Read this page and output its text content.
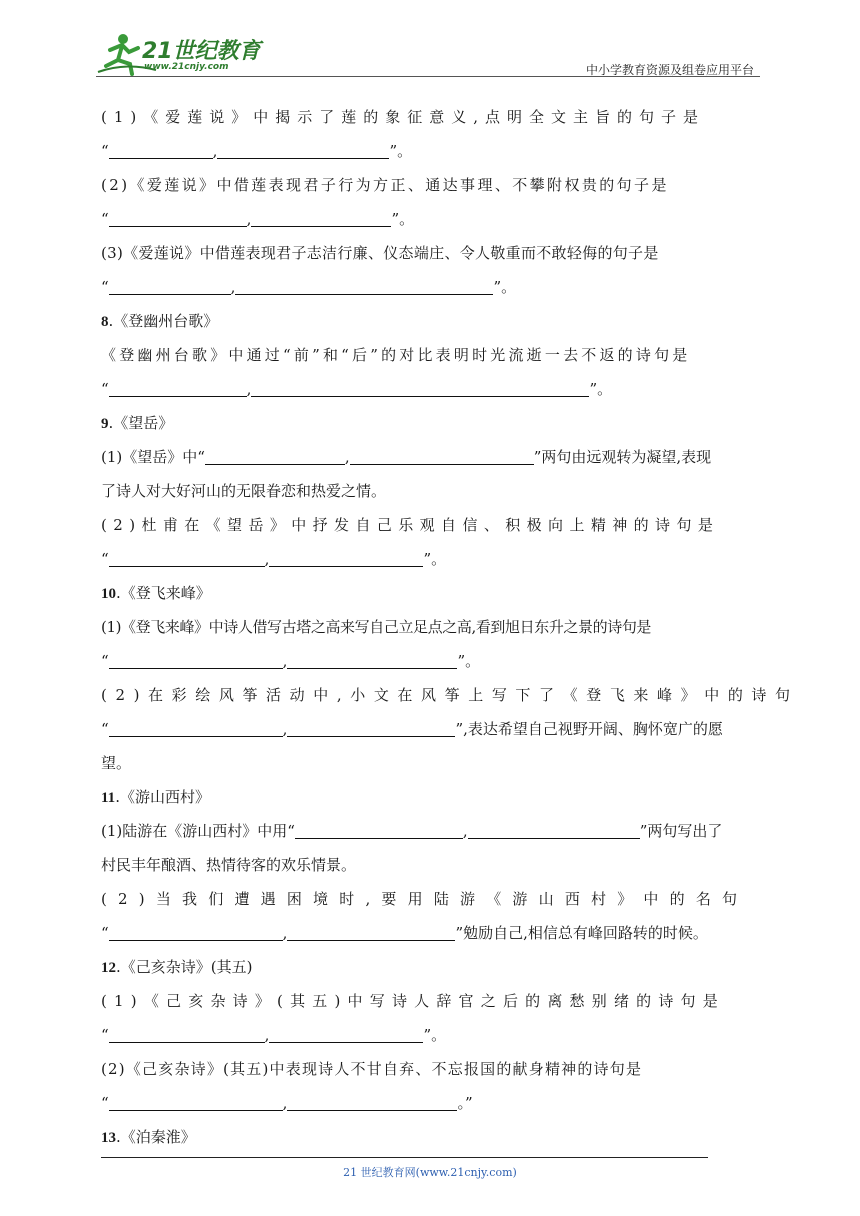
21世纪教育
www.21cnjy.com	中小学教育资源及组卷应用平台
(1)《爱莲说》中揭示了莲的象征意义,点明全文主旨的句子是
“	,	”。
(2)《爱莲说》中借莲表现君子行为方正、通达事理、不攀附权贵的句子是
“	,	”。
(3)《爱莲说》中借莲表现君子志洁行廉、仪态端庄、令人敬重而不敢轻侮的句子是
“	,	”。
8.《登幽州台歌》
《登幽州台歌》中通过“前”和“后”的对比表明时光流逝一去不返的诗句是
“	,	”。
9.《望岳》
(1)《望岳》中“	,	”两句由远观转为凝望,表现
了诗人对大好河山的无限眷恋和热爱之情。
(2)杜甫在《望岳》中抒发自己乐观自信、积极向上精神的诗句是
“	,	”。
10.《登飞来峰》
(1)《登飞来峰》中诗人借写古塔之高来写自己立足点之高,看到旭日东升之景的诗句是
“	,	”。
(2)在彩绘风筝活动中,小文在风筝上写下了《登飞来峰》中的诗句
“	,	”,表达希望自己视野开阔、胸怀宽广的愿
望。
11.《游山西村》
(1)陆游在《游山西村》中用“	,	”两句写出了
村民丰年酿酒、热情待客的欢乐情景。
(2)当我们遭遇困境时,要用陆游《游山西村》中的名句
“	,	”勉励自己,相信总有峰回路转的时候。
12.《己亥杂诗》(其五)
(1)《己亥杂诗》(其五)中写诗人辞官之后的离愁别绪的诗句是
“	,	”。
(2)《己亥杂诗》(其五)中表现诗人不甘自弃、不忘报国的献身精神的诗句是
“	,	。”
13.《泊秦淮》
21 世纪教育网(www.21cnjy.com)
